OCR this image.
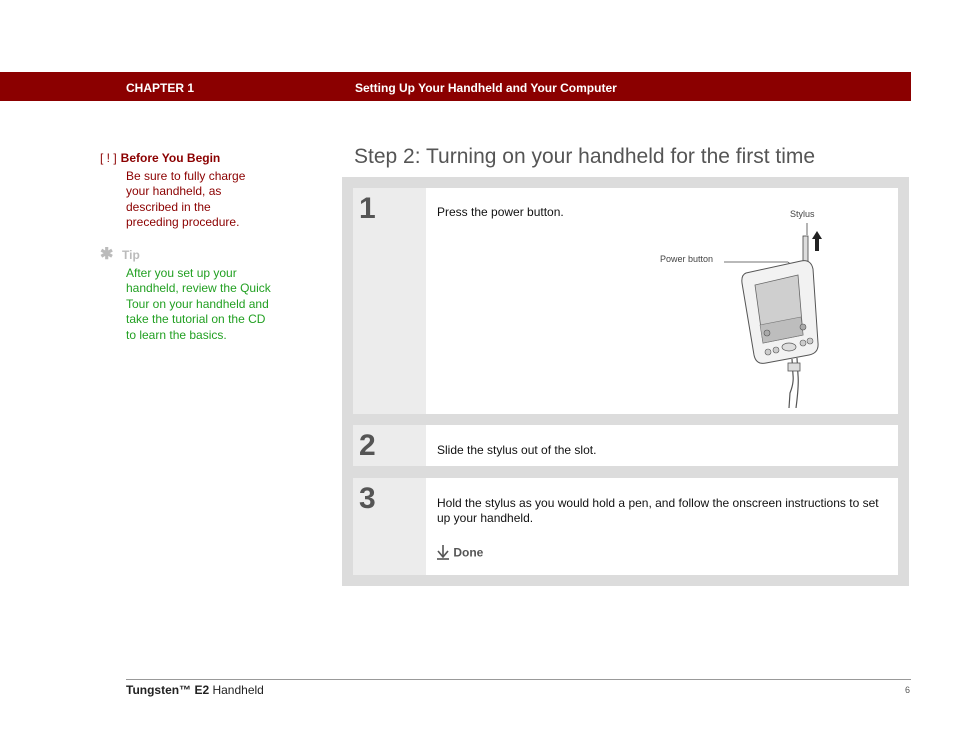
CHAPTER 1	Setting Up Your Handheld and Your Computer
[ ! ] Before You Begin
Be sure to fully charge your handheld, as described in the preceding procedure.
✱ Tip
After you set up your handheld, review the Quick Tour on your handheld and take the tutorial on the CD to learn the basics.
Step 2: Turning on your handheld for the first time
1	Press the power button.	Stylus
Power button
2	Slide the stylus out of the slot.
3	Hold the stylus as you would hold a pen, and follow the onscreen instructions to set up your handheld.
Done
Tungsten™ E2 Handheld	6
